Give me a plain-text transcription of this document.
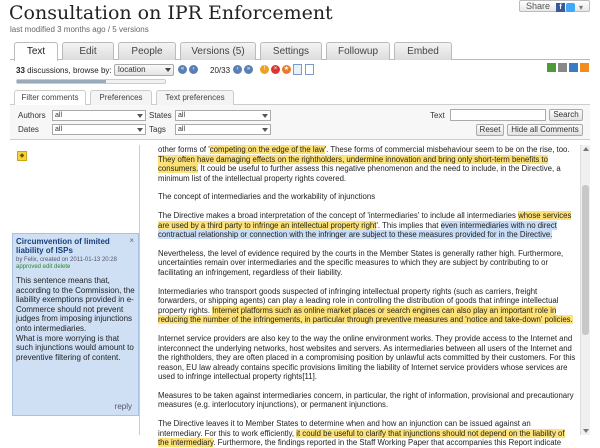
Consultation on IPR Enforcement
last modified 3 months ago / 5 versions
Share	f	▾
Text	Edit	People	Versions (5)	Settings	Followup	Embed
33 discussions, browse by: location	«	‹	20/33	›	»	!	×	★
Filter comments	Preferences	Text preferences
Authors	all
Dates	all
States all
Tags	all
Text	Search
Reset	Hide all Comments
◆
Circumvention of limited liability of ISPs
×
by Felix, created on 2011-01-13 20:28
approved edit delete
This sentence means that, according to the Commission, the liability exemptions provided in e-Commerce should not prevent judges from imposing injunctions onto intermediaries.
What is more worrying is that such injunctions would amount to preventive filtering of content.
reply

other forms of 'competing on the edge of the law'. These forms of commercial misbehaviour seem to be on the rise, too. They often have damaging effects on the rightholders, undermine innovation and bring only short-term benefits to consumers. It could be useful to further assess this negative phenomenon and the need to include, in the Directive, a minimum list of the intellectual property rights covered.

The concept of intermediaries and the workability of injunctions

The Directive makes a broad interpretation of the concept of 'intermediaries' to include all intermediaries whose services are used by a third party to infringe an intellectual property right'. This implies that even intermediaries with no direct contractual relationship or connection with the infringer are subject to these measures provided for in the Directive.

Nevertheless, the level of evidence required by the courts in the Member States is generally rather high. Furthermore, uncertainties remain over intermediaries and the specific measures to which they are subject by contributing to or facilitating an infringement, regardless of their liability.

Intermediaries who transport goods suspected of infringing intellectual property rights (such as carriers, freight forwarders, or shipping agents) can play a leading role in controlling the distribution of goods that infringe intellectual property rights. Internet platforms such as online market places or search engines can also play an important role in reducing the number of the infringements, in particular through preventive measures and 'notice and take-down' policies.

Internet service providers are also key to the way the online environment works. They provide access to the Internet and interconnect the underlying networks, host websites and servers. As intermediaries between all users of the Internet and the rightholders, they are often placed in a compromising position by unlawful acts committed by their customers. For this reason, EU law already contains specific provisions limiting the liability of Internet service providers whose services are used to infringe intellectual property rights[11].

Measures to be taken against intermediaries concern, in particular, the right of information, provisional and precautionary measures (e.g. interlocutory injunctions), or permanent injunctions.

The Directive leaves it to Member States to determine when and how an injunction can be issued against an intermediary. For this to work efficiently, it could be useful to clarify that injunctions should not depend on the liability of the intermediary. Furthermore, the findings reported in the Staff Working Paper that accompanies this Report indicate
